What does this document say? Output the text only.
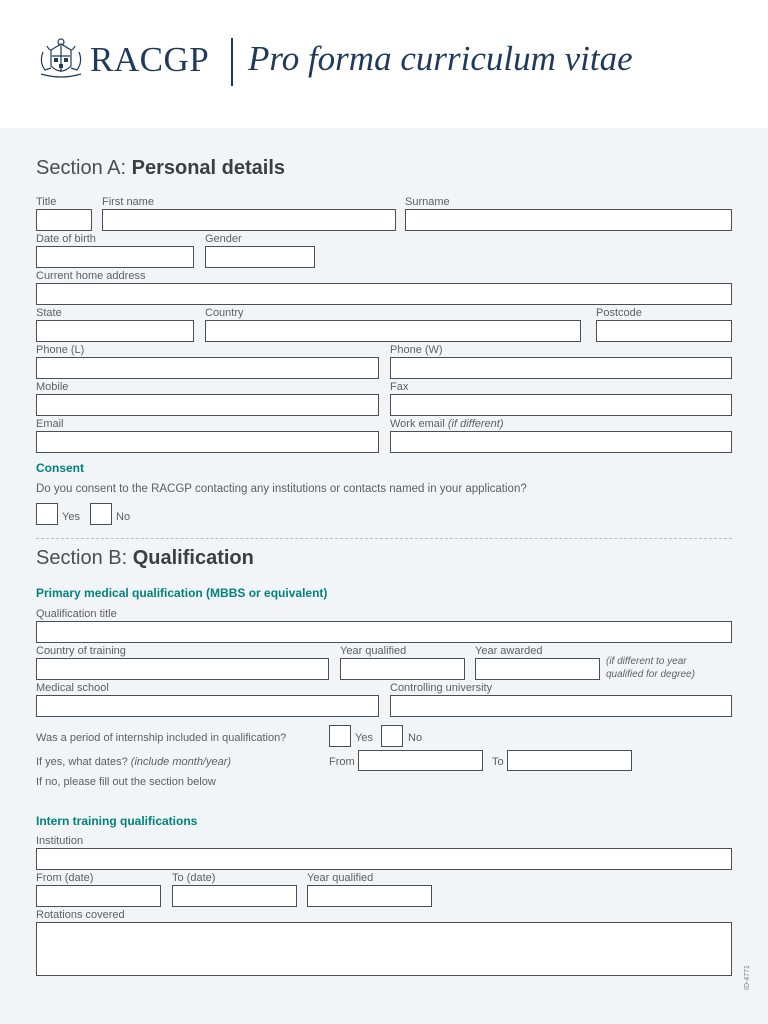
RACGP Pro forma curriculum vitae
Section A: Personal details
Title	First name	Surname
Date of birth	Gender
Current home address
State	Country	Postcode
Phone (L)	Phone (W)
Mobile	Fax
Email	Work email (if different)
Consent
Do you consent to the RACGP contacting any institutions or contacts named in your application?
Yes	No
Section B: Qualification
Primary medical qualification (MBBS or equivalent)
Qualification title
Country of training	Year qualified	Year awarded
(if different to year qualified for degree)
Medical school	Controlling university
Was a period of internship included in qualification?	Yes	No
If yes, what dates? (include month/year)	From	To
If no, please fill out the section below
Intern training qualifications
Institution
From (date)	To (date)	Year qualified
Rotations covered
ID-4771
